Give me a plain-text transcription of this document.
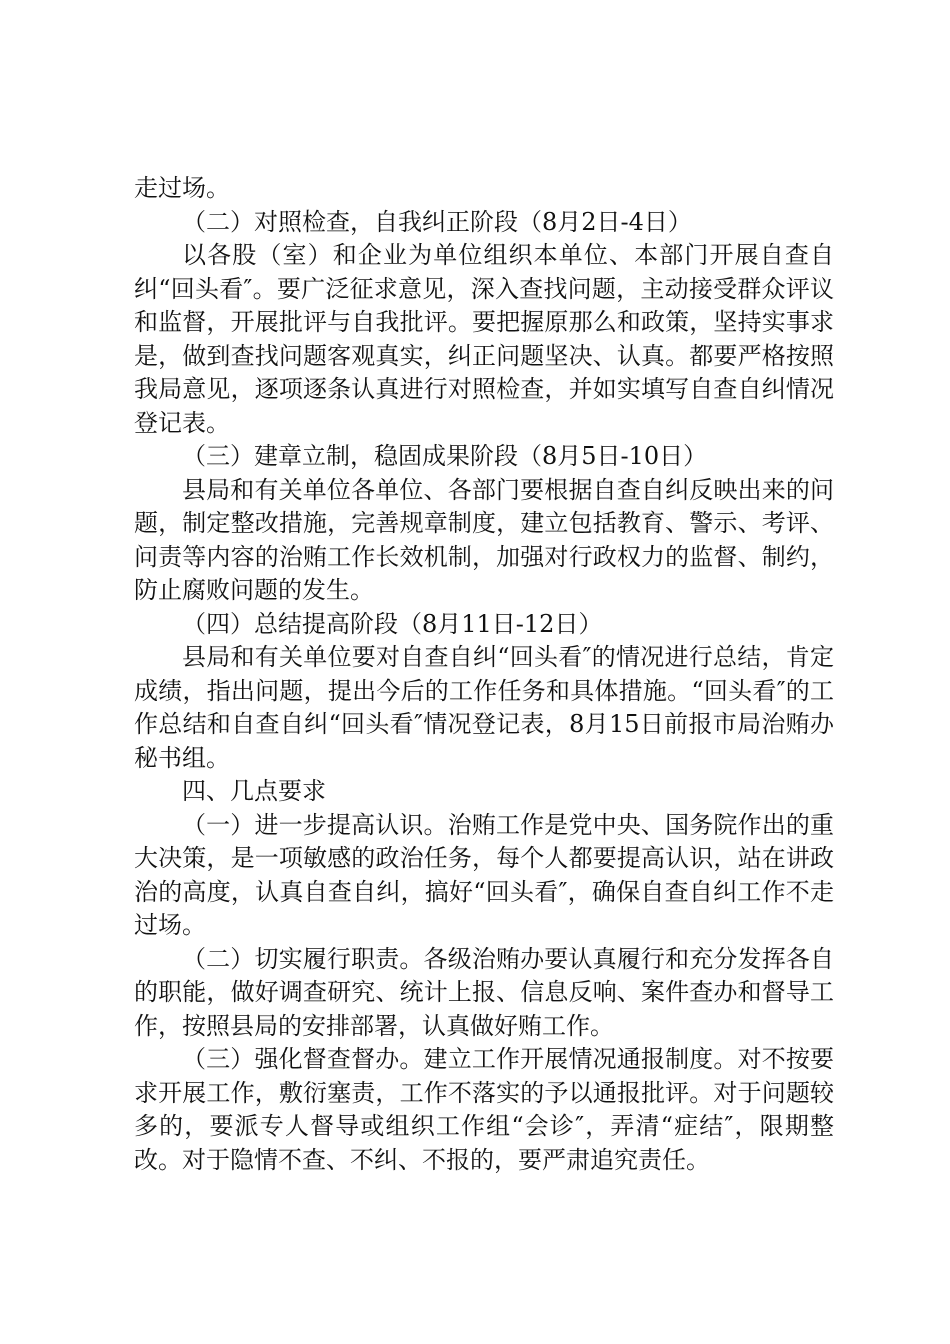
走过场。

（二）对照检查，自我纠正阶段（8月2日-4日）

以各股（室）和企业为单位组织本单位、本部门开展自查自纠“回头看″。要广泛征求意见，深入查找问题，主动接受群众评议和监督，开展批评与自我批评。要把握原那么和政策，坚持实事求是，做到查找问题客观真实，纠正问题坚决、认真。都要严格按照我局意见，逐项逐条认真进行对照检查，并如实填写自查自纠情况登记表。

（三）建章立制，稳固成果阶段（8月5日-10日）

县局和有关单位各单位、各部门要根据自查自纠反映出来的问题，制定整改措施，完善规章制度，建立包括教育、警示、考评、问责等内容的治贿工作长效机制，加强对行政权力的监督、制约，防止腐败问题的发生。

（四）总结提高阶段（8月11日-12日）

县局和有关单位要对自查自纠“回头看″的情况进行总结，肯定成绩，指出问题，提出今后的工作任务和具体措施。“回头看″的工作总结和自查自纠“回头看″情况登记表，8月15日前报市局治贿办秘书组。

四、几点要求

（一）进一步提高认识。治贿工作是党中央、国务院作出的重大决策，是一项敏感的政治任务，每个人都要提高认识，站在讲政治的高度，认真自查自纠，搞好“回头看″，确保自查自纠工作不走过场。

（二）切实履行职责。各级治贿办要认真履行和充分发挥各自的职能，做好调查研究、统计上报、信息反响、案件查办和督导工作，按照县局的安排部署，认真做好贿工作。

（三）强化督查督办。建立工作开展情况通报制度。对不按要求开展工作，敷衍塞责，工作不落实的予以通报批评。对于问题较多的，要派专人督导或组织工作组“会诊″，弄清“症结″，限期整改。对于隐情不查、不纠、不报的，要严肃追究责任。
